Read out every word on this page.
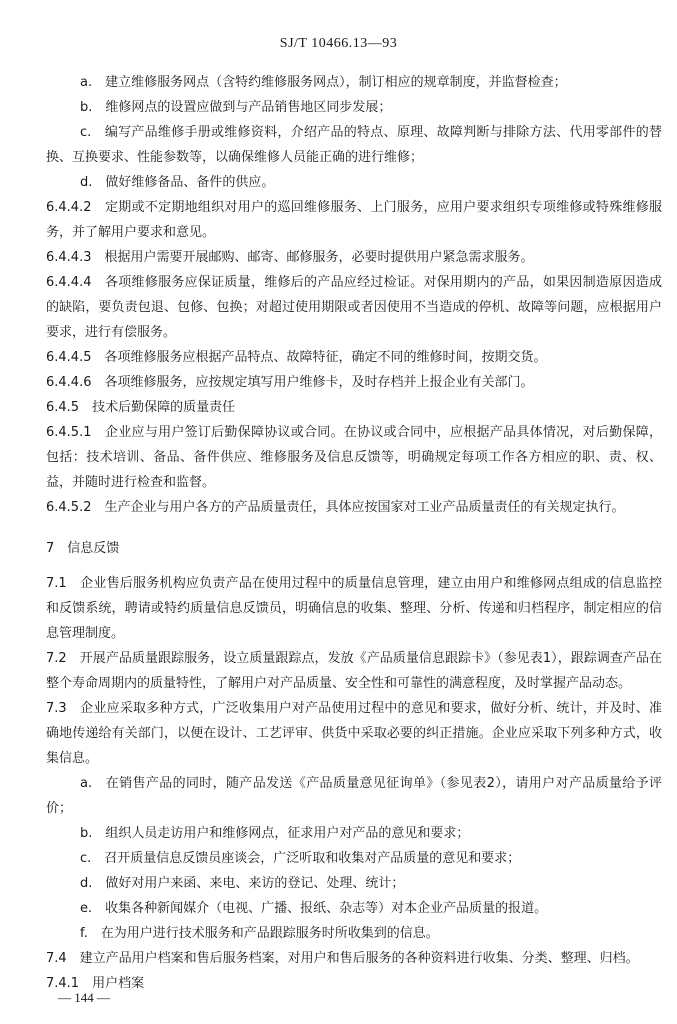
SJ/T 10466.13—93

a.　建立维修服务网点（含特约维修服务网点），制订相应的规章制度，并监督检查；

b.　维修网点的设置应做到与产品销售地区同步发展；

c.　编写产品维修手册或维修资料，介绍产品的特点、原理、故障判断与排除方法、代用零部件的替换、互换要求、性能参数等，以确保维修人员能正确的进行维修；

d.　做好维修备品、备件的供应。

6.4.4.2　定期或不定期地组织对用户的巡回维修服务、上门服务，应用户要求组织专项维修或特殊维修服务，并了解用户要求和意见。

6.4.4.3　根据用户需要开展邮购、邮寄、邮修服务，必要时提供用户紧急需求服务。

6.4.4.4　各项维修服务应保证质量，维修后的产品应经过检证。对保用期内的产品，如果因制造原因造成的缺陷，要负责包退、包修、包换；对超过使用期限或者因使用不当造成的停机、故障等问题，应根据用户要求，进行有偿服务。

6.4.4.5　各项维修服务应根据产品特点、故障特征，确定不同的维修时间，按期交货。

6.4.4.6　各项维修服务，应按规定填写用户维修卡，及时存档并上报企业有关部门。

6.4.5　技术后勤保障的质量责任

6.4.5.1　企业应与用户签订后勤保障协议或合同。在协议或合同中，应根据产品具体情况，对后勤保障，包括：技术培训、备品、备件供应、维修服务及信息反馈等，明确规定每项工作各方相应的职、责、权、益，并随时进行检查和监督。

6.4.5.2　生产企业与用户各方的产品质量责任，具体应按国家对工业产品质量责任的有关规定执行。

7　信息反馈

7.1　企业售后服务机构应负责产品在使用过程中的质量信息管理，建立由用户和维修网点组成的信息监控和反馈系统，聘请或特约质量信息反馈员，明确信息的收集、整理、分析、传递和归档程序，制定相应的信息管理制度。

7.2　开展产品质量跟踪服务，设立质量跟踪点，发放《产品质量信息跟踪卡》（参见表1），跟踪调查产品在整个寿命周期内的质量特性，了解用户对产品质量、安全性和可靠性的满意程度，及时掌握产品动态。

7.3　企业应采取多种方式，广泛收集用户对产品使用过程中的意见和要求，做好分析、统计，并及时、准确地传递给有关部门，以便在设计、工艺评审、供货中采取必要的纠正措施。企业应采取下列多种方式，收集信息。

a.　在销售产品的同时，随产品发送《产品质量意见征询单》（参见表2），请用户对产品质量给予评价；

b.　组织人员走访用户和维修网点，征求用户对产品的意见和要求；

c.　召开质量信息反馈员座谈会，广泛听取和收集对产品质量的意见和要求；

d.　做好对用户来函、来电、来访的登记、处理、统计；

e.　收集各种新闻媒介（电视、广播、报纸、杂志等）对本企业产品质量的报道。

f.　在为用户进行技术服务和产品跟踪服务时所收集到的信息。

7.4　建立产品用户档案和售后服务档案，对用户和售后服务的各种资料进行收集、分类、整理、归档。

7.4.1　用户档案

— 144 —
